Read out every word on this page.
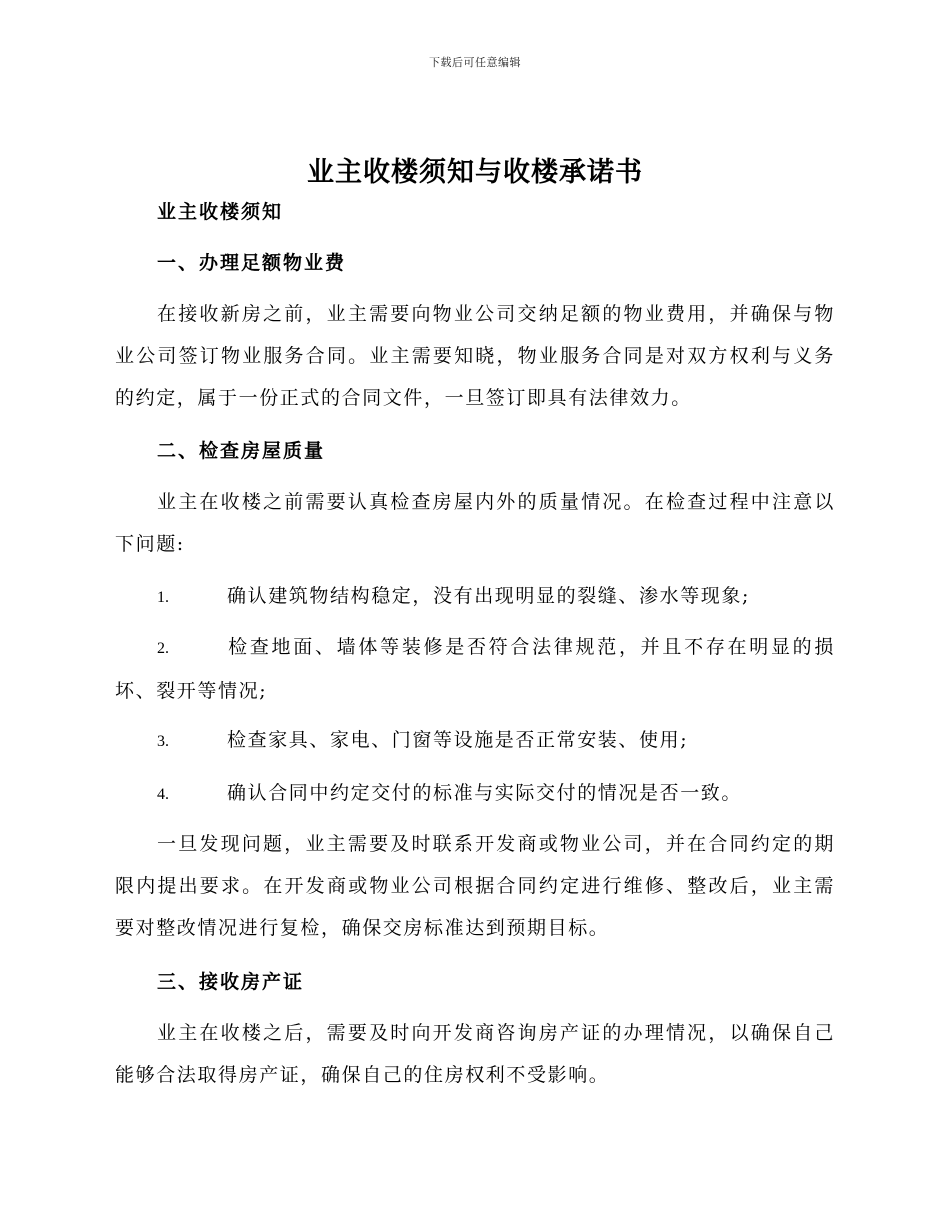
下载后可任意编辑
业主收楼须知与收楼承诺书
业主收楼须知
一、办理足额物业费
在接收新房之前，业主需要向物业公司交纳足额的物业费用，并确保与物业公司签订物业服务合同。业主需要知晓，物业服务合同是对双方权利与义务的约定，属于一份正式的合同文件，一旦签订即具有法律效力。
二、检查房屋质量
业主在收楼之前需要认真检查房屋内外的质量情况。在检查过程中注意以下问题:
1.	确认建筑物结构稳定，没有出现明显的裂缝、渗水等现象;
2.	检查地面、墙体等装修是否符合法律规范，并且不存在明显的损坏、裂开等情况;
3.	检查家具、家电、门窗等设施是否正常安装、使用;
4.	确认合同中约定交付的标准与实际交付的情况是否一致。
一旦发现问题，业主需要及时联系开发商或物业公司，并在合同约定的期限内提出要求。在开发商或物业公司根据合同约定进行维修、整改后，业主需要对整改情况进行复检，确保交房标准达到预期目标。
三、接收房产证
业主在收楼之后，需要及时向开发商咨询房产证的办理情况，以确保自己能够合法取得房产证，确保自己的住房权利不受影响。
